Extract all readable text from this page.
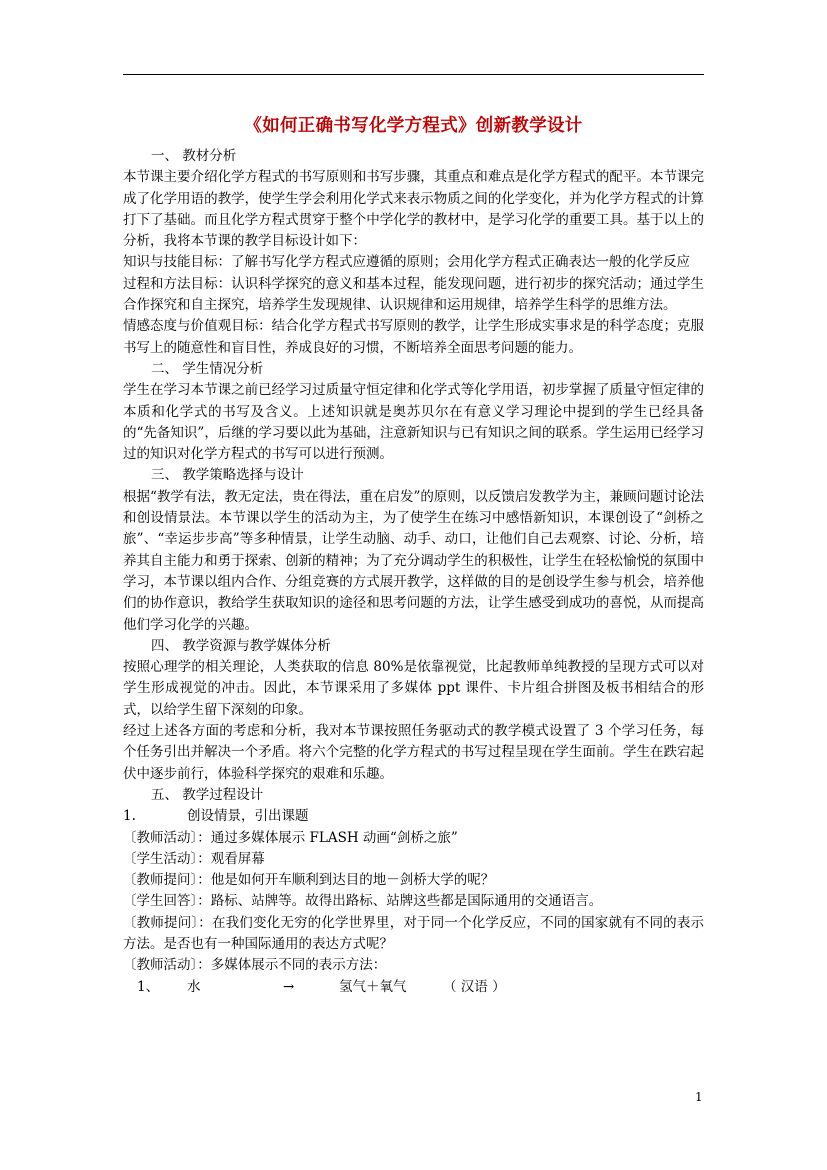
《如何正确书写化学方程式》创新教学设计

一、 教材分析

本节课主要介绍化学方程式的书写原则和书写步骤，其重点和难点是化学方程式的配平。本节课完成了化学用语的教学，使学生学会利用化学式来表示物质之间的化学变化，并为化学方程式的计算打下了基础。而且化学方程式贯穿于整个中学化学的教材中，是学习化学的重要工具。基于以上的分析，我将本节课的教学目标设计如下：

知识与技能目标：了解书写化学方程式应遵循的原则；会用化学方程式正确表达一般的化学反应

过程和方法目标：认识科学探究的意义和基本过程，能发现问题，进行初步的探究活动；通过学生合作探究和自主探究，培养学生发现规律、认识规律和运用规律，培养学生科学的思维方法。

情感态度与价值观目标：结合化学方程式书写原则的教学，让学生形成实事求是的科学态度；克服书写上的随意性和盲目性，养成良好的习惯，不断培养全面思考问题的能力。

二、 学生情况分析

学生在学习本节课之前已经学习过质量守恒定律和化学式等化学用语，初步掌握了质量守恒定律的本质和化学式的书写及含义。上述知识就是奥苏贝尔在有意义学习理论中提到的学生已经具备的“先备知识”，后继的学习要以此为基础，注意新知识与已有知识之间的联系。学生运用已经学习过的知识对化学方程式的书写可以进行预测。

三、 教学策略选择与设计

根据“教学有法，教无定法，贵在得法，重在启发”的原则，以反馈启发教学为主，兼顾问题讨论法和创设情景法。本节课以学生的活动为主，为了使学生在练习中感悟新知识，本课创设了“剑桥之旅”、“幸运步步高”等多种情景，让学生动脑、动手、动口，让他们自己去观察、讨论、分析，培养其自主能力和勇于探索、创新的精神；为了充分调动学生的积极性，让学生在轻松愉悦的氛围中学习，本节课以组内合作、分组竞赛的方式展开教学，这样做的目的是创设学生参与机会，培养他们的协作意识，教给学生获取知识的途径和思考问题的方法，让学生感受到成功的喜悦，从而提高他们学习化学的兴趣。

四、 教学资源与教学媒体分析

按照心理学的相关理论，人类获取的信息 80%是依靠视觉，比起教师单纯教授的呈现方式可以对学生形成视觉的冲击。因此，本节课采用了多媒体 ppt 课件、卡片组合拼图及板书相结合的形式，以给学生留下深刻的印象。

经过上述各方面的考虑和分析，我对本节课按照任务驱动式的教学模式设置了 3 个学习任务，每个任务引出并解决一个矛盾。将六个完整的化学方程式的书写过程呈现在学生面前。学生在跌宕起伏中逐步前行，体验科学探究的艰难和乐趣。

五、 教学过程设计

1.	创设情景，引出课题

〔教师活动〕：通过多媒体展示 FLASH 动画“剑桥之旅”

〔学生活动〕：观看屏幕

〔教师提问〕：他是如何开车顺利到达目的地－剑桥大学的呢？

〔学生回答〕：路标、站牌等。故得出路标、站牌这些都是国际通用的交通语言。

〔教师提问〕：在我们变化无穷的化学世界里，对于同一个化学反应，不同的国家就有不同的表示方法。是否也有一种国际通用的表达方式呢？

〔教师活动〕：多媒体展示不同的表示方法：

1、 水	→	氢气＋氧气	（ 汉语 ）

1
